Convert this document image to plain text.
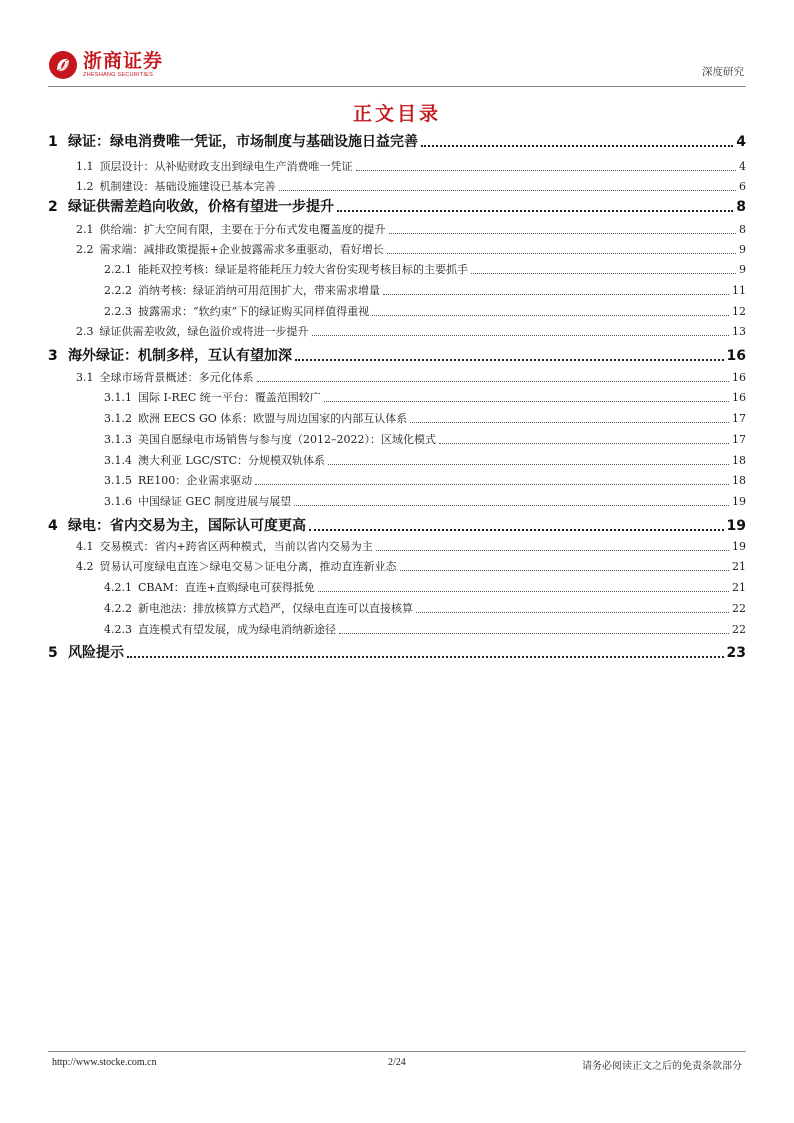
浙商证券
ZHESHANG SECURITIES	深度研究
正文目录
1 绿证：绿电消费唯一凭证，市场制度与基础设施日益完善	4
1.1 顶层设计：从补贴财政支出到绿电生产消费唯一凭证	4
1.2 机制建设：基础设施建设已基本完善	6
2 绿证供需差趋向收敛，价格有望进一步提升	8
2.1 供给端：扩大空间有限，主要在于分布式发电覆盖度的提升	8
2.2 需求端：减排政策提振+企业披露需求多重驱动，看好增长	9
2.2.1 能耗双控考核：绿证是将能耗压力较大省份实现考核目标的主要抓手	9
2.2.2 消纳考核：绿证消纳可用范围扩大，带来需求增量	11
2.2.3 披露需求：“软约束”下的绿证购买同样值得重视	12
2.3 绿证供需差收敛，绿色溢价或将进一步提升	13
3 海外绿证：机制多样，互认有望加深	16
3.1 全球市场背景概述：多元化体系	16
3.1.1 国际 I-REC 统一平台：覆盖范围较广	16
3.1.2 欧洲 EECS GO 体系：欧盟与周边国家的内部互认体系	17
3.1.3 美国自愿绿电市场销售与参与度（2012–2022）：区域化模式	17
3.1.4 澳大利亚 LGC/STC：分规模双轨体系	18
3.1.5 RE100：企业需求驱动	18
3.1.6 中国绿证 GEC 制度进展与展望	19
4 绿电：省内交易为主，国际认可度更高	19
4.1 交易模式：省内+跨省区两种模式，当前以省内交易为主	19
4.2 贸易认可度绿电直连＞绿电交易＞证电分离，推动直连新业态	21
4.2.1 CBAM：直连+直购绿电可获得抵免	21
4.2.2 新电池法：排放核算方式趋严，仅绿电直连可以直接核算	22
4.2.3 直连模式有望发展，成为绿电消纳新途径	22
5 风险提示	23
http://www.stocke.com.cn	2/24	请务必阅读正文之后的免责条款部分
